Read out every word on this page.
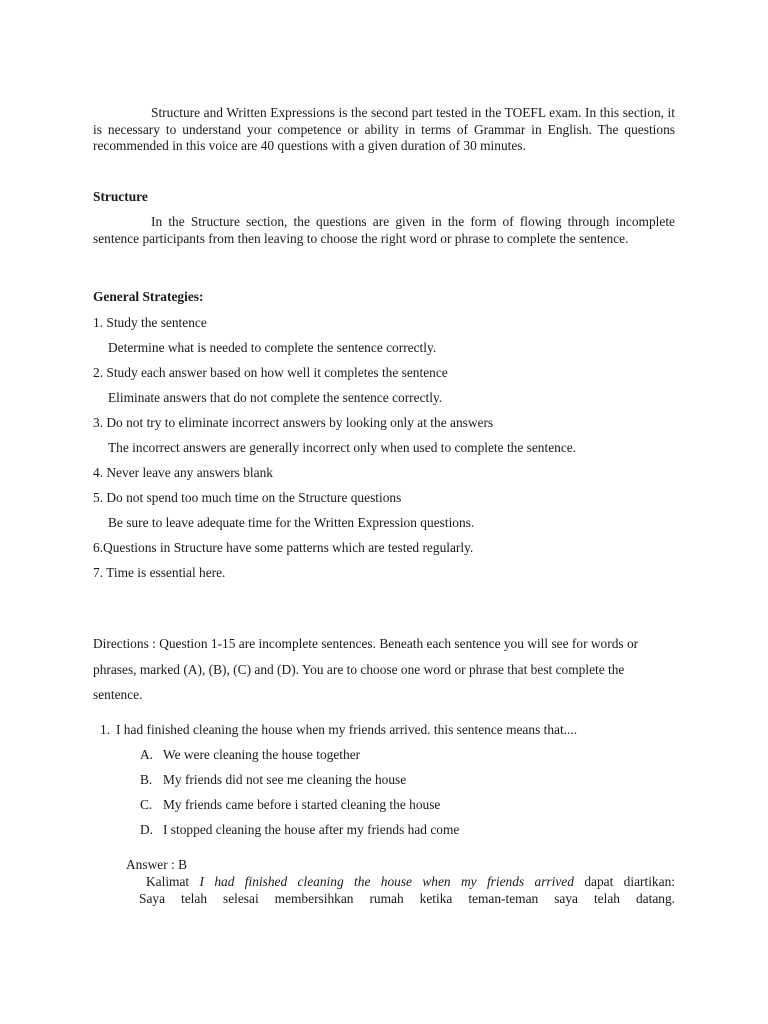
Structure and Written Expressions is the second part tested in the TOEFL exam. In this section, it is necessary to understand your competence or ability in terms of Grammar in English. The questions recommended in this voice are 40 questions with a given duration of 30 minutes.

Structure

In the Structure section, the questions are given in the form of flowing through incomplete sentence participants from then leaving to choose the right word or phrase to complete the sentence.

General Strategies:

1. Study the sentence
Determine what is needed to complete the sentence correctly.
2. Study each answer based on how well it completes the sentence
Eliminate answers that do not complete the sentence correctly.
3. Do not try to eliminate incorrect answers by looking only at the answers
The incorrect answers are generally incorrect only when used to complete the sentence.
4. Never leave any answers blank
5. Do not spend too much time on the Structure questions
Be sure to leave adequate time for the Written Expression questions.
6.Questions in Structure have some patterns which are tested regularly.
7. Time is essential here.

Directions : Question 1-15 are incomplete sentences. Beneath each sentence you will see for words or phrases, marked (A), (B), (C) and (D). You are to choose one word or phrase that best complete the sentence.

1. I had finished cleaning the house when my friends arrived. this sentence means that....
A. We were cleaning the house together
B. My friends did not see me cleaning the house
C. My friends came before i started cleaning the house
D. I stopped cleaning the house after my friends had come
Answer : B
Kalimat I had finished cleaning the house when my friends arrived dapat diartikan:
Saya telah selesai membersihkan rumah ketika teman-teman saya telah datang.
